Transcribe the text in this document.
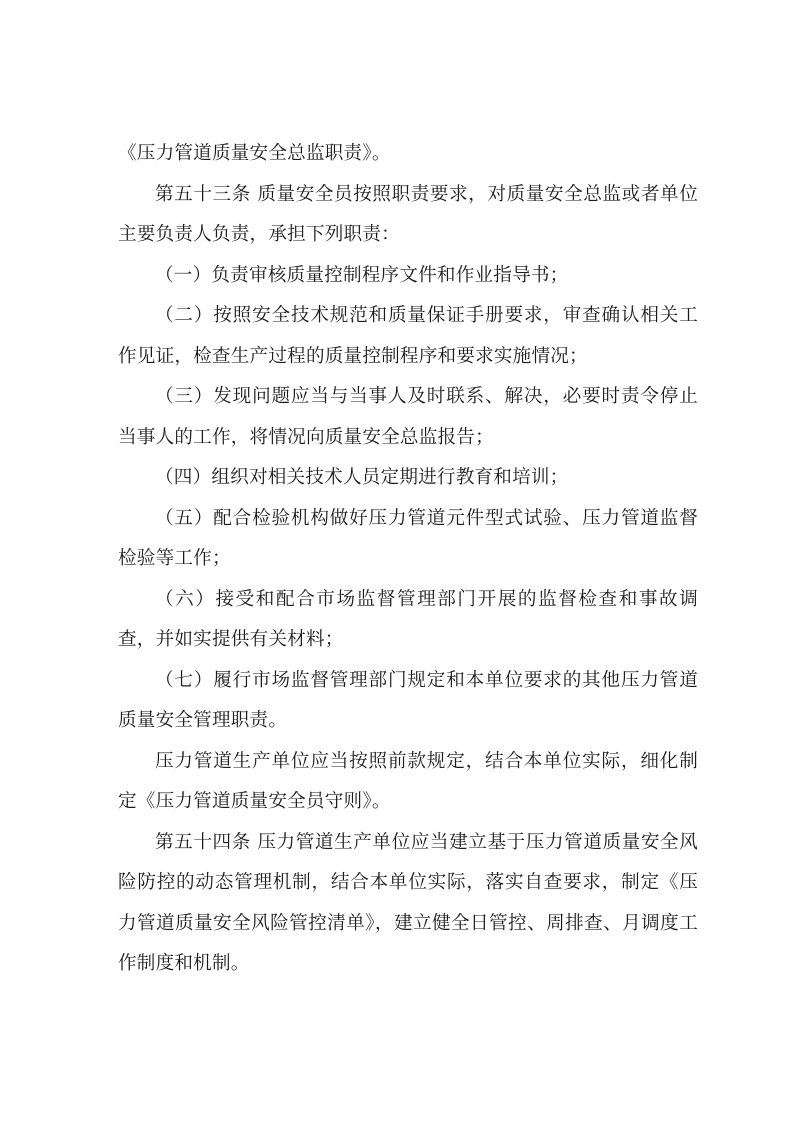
《压力管道质量安全总监职责》。

第五十三条 质量安全员按照职责要求，对质量安全总监或者单位主要负责人负责，承担下列职责：

（一）负责审核质量控制程序文件和作业指导书；

（二）按照安全技术规范和质量保证手册要求，审查确认相关工作见证，检查生产过程的质量控制程序和要求实施情况；

（三）发现问题应当与当事人及时联系、解决，必要时责令停止当事人的工作，将情况向质量安全总监报告；

（四）组织对相关技术人员定期进行教育和培训；

（五）配合检验机构做好压力管道元件型式试验、压力管道监督检验等工作；

（六）接受和配合市场监督管理部门开展的监督检查和事故调查，并如实提供有关材料；

（七）履行市场监督管理部门规定和本单位要求的其他压力管道质量安全管理职责。

压力管道生产单位应当按照前款规定，结合本单位实际，细化制定《压力管道质量安全员守则》。

第五十四条 压力管道生产单位应当建立基于压力管道质量安全风险防控的动态管理机制，结合本单位实际，落实自查要求，制定《压力管道质量安全风险管控清单》，建立健全日管控、周排查、月调度工作制度和机制。
